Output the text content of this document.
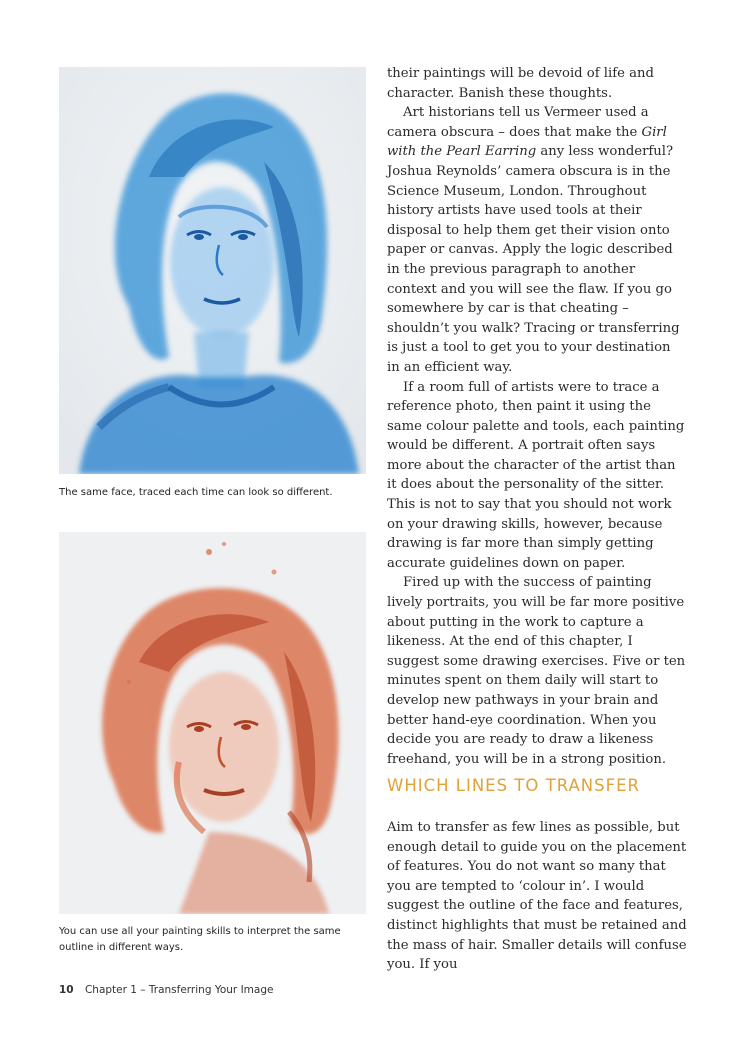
The same face, traced each time can look so different.
You can use all your painting skills to interpret the same
outline in different ways.

their paintings will be devoid of life and character. Banish these thoughts.

Art historians tell us Vermeer used a camera obscura – does that make the Girl with the Pearl Earring any less wonderful? Joshua Reynolds’ camera obscura is in the Science Museum, London. Throughout history artists have used tools at their disposal to help them get their vision onto paper or canvas. Apply the logic described in the previous paragraph to another context and you will see the flaw. If you go somewhere by car is that cheating – shouldn’t you walk? Tracing or transferring is just a tool to get you to your destination in an efficient way.

If a room full of artists were to trace a reference photo, then paint it using the same colour palette and tools, each painting would be different. A portrait often says more about the character of the artist than it does about the personality of the sitter. This is not to say that you should not work on your drawing skills, however, because drawing is far more than simply getting accurate guidelines down on paper.

Fired up with the success of painting lively portraits, you will be far more positive about putting in the work to capture a likeness. At the end of this chapter, I suggest some drawing exercises. Five or ten minutes spent on them daily will start to develop new pathways in your brain and better hand-eye coordination. When you decide you are ready to draw a likeness freehand, you will be in a strong position.

WHICH LINES TO TRANSFER

Aim to transfer as few lines as possible, but enough detail to guide you on the placement of features. You do not want so many that you are tempted to ‘colour in’. I would suggest the outline of the face and features, distinct highlights that must be retained and the mass of hair. Smaller details will confuse you. If you

10 Chapter 1 – Transferring Your Image
